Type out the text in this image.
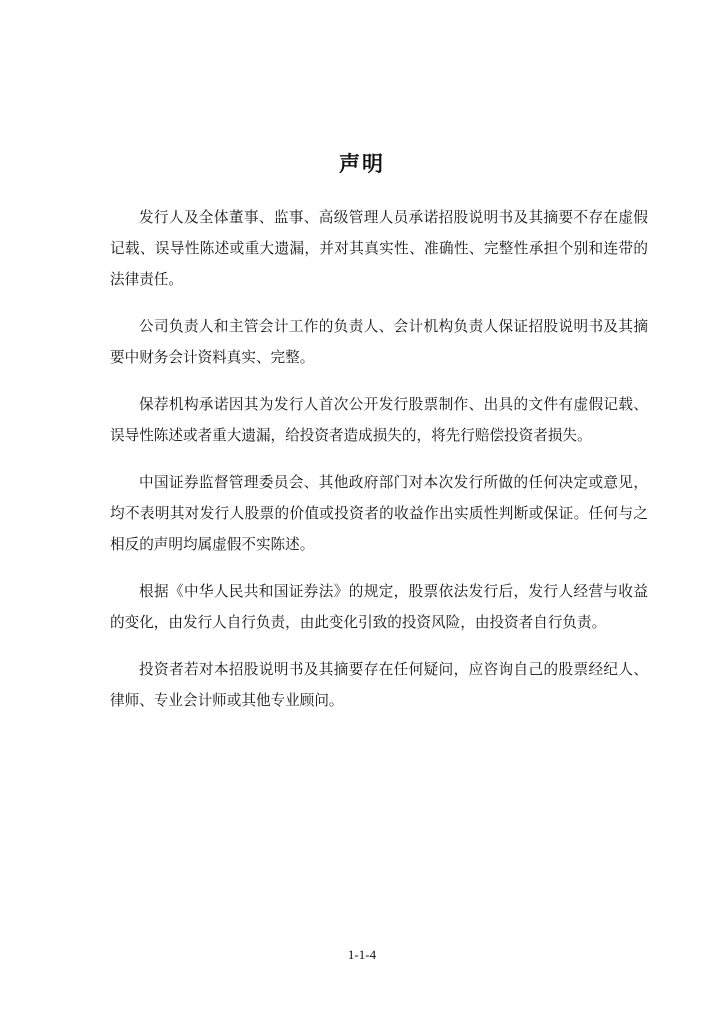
声明

发行人及全体董事、监事、高级管理人员承诺招股说明书及其摘要不存在虚假记载、误导性陈述或重大遗漏，并对其真实性、准确性、完整性承担个别和连带的法律责任。

公司负责人和主管会计工作的负责人、会计机构负责人保证招股说明书及其摘要中财务会计资料真实、完整。

保荐机构承诺因其为发行人首次公开发行股票制作、出具的文件有虚假记载、误导性陈述或者重大遗漏，给投资者造成损失的，将先行赔偿投资者损失。

中国证券监督管理委员会、其他政府部门对本次发行所做的任何决定或意见，均不表明其对发行人股票的价值或投资者的收益作出实质性判断或保证。任何与之相反的声明均属虚假不实陈述。

根据《中华人民共和国证券法》的规定，股票依法发行后，发行人经营与收益的变化，由发行人自行负责，由此变化引致的投资风险，由投资者自行负责。

投资者若对本招股说明书及其摘要存在任何疑问，应咨询自己的股票经纪人、律师、专业会计师或其他专业顾问。

1-1-4
